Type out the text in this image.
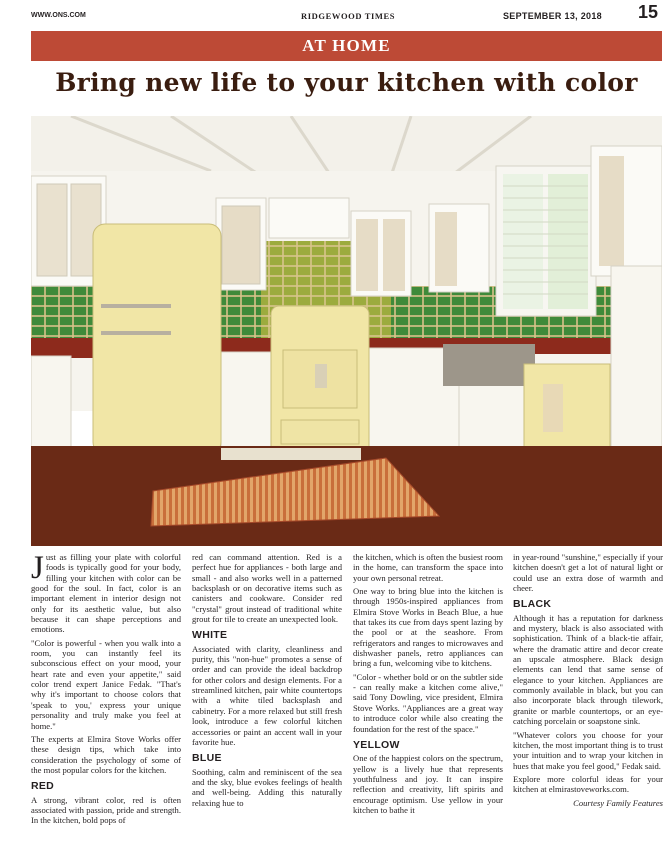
WWW.ONS.COM	RIDGEWOOD TIMES	SEPTEMBER 13, 2018 15
AT HOME
Bring new life to your kitchen with color

Just as filling your plate with colorful foods is typically good for your body, filling your kitchen with color can be good for the soul. In fact, color is an important element in interior design not only for its aesthetic value, but also because it can shape perceptions and emotions.

"Color is powerful - when you walk into a room, you can instantly feel its subconscious effect on your mood, your heart rate and even your appetite," said color trend expert Janice Fedak. "That's why it's important to choose colors that 'speak to you,' express your unique personality and truly make you feel at home."

The experts at Elmira Stove Works offer these design tips, which take into consideration the psychology of some of the most popular colors for the kitchen.

RED

A strong, vibrant color, red is often associated with passion, pride and strength. In the kitchen, bold pops of

red can command attention. Red is a perfect hue for appliances - both large and small - and also works well in a patterned backsplash or on decorative items such as canisters and cookware. Consider red "crystal" grout instead of traditional white grout for tile to create an unexpected look.

WHITE

Associated with clarity, cleanliness and purity, this "non-hue" promotes a sense of order and can provide the ideal backdrop for other colors and design elements. For a streamlined kitchen, pair white countertops with a white tiled backsplash and cabinetry. For a more relaxed but still fresh look, introduce a few colorful kitchen accessories or paint an accent wall in your favorite hue.

BLUE

Soothing, calm and reminiscent of the sea and the sky, blue evokes feelings of health and well-being. Adding this naturally relaxing hue to

the kitchen, which is often the busiest room in the home, can transform the space into your own personal retreat.

One way to bring blue into the kitchen is through 1950s-inspired appliances from Elmira Stove Works in Beach Blue, a hue that takes its cue from days spent lazing by the pool or at the seashore. From refrigerators and ranges to microwaves and dishwasher panels, retro appliances can bring a fun, welcoming vibe to kitchens.

"Color - whether bold or on the subtler side - can really make a kitchen come alive," said Tony Dowling, vice president, Elmira Stove Works. "Appliances are a great way to introduce color while also creating the foundation for the rest of the space."

YELLOW

One of the happiest colors on the spectrum, yellow is a lively hue that represents youthfulness and joy. It can inspire reflection and creativity, lift spirits and encourage optimism. Use yellow in your kitchen to bathe it

in year-round "sunshine," especially if your kitchen doesn't get a lot of natural light or could use an extra dose of warmth and cheer.

BLACK

Although it has a reputation for darkness and mystery, black is also associated with sophistication. Think of a black-tie affair, where the dramatic attire and decor create an upscale atmosphere. Black design elements can lend that same sense of elegance to your kitchen. Appliances are commonly available in black, but you can also incorporate black through tilework, granite or marble countertops, or an eye-catching porcelain or soapstone sink.

"Whatever colors you choose for your kitchen, the most important thing is to trust your intuition and to wrap your kitchen in hues that make you feel good," Fedak said.

Explore more colorful ideas for your kitchen at elmirastoveworks.com.

Courtesy Family Features
